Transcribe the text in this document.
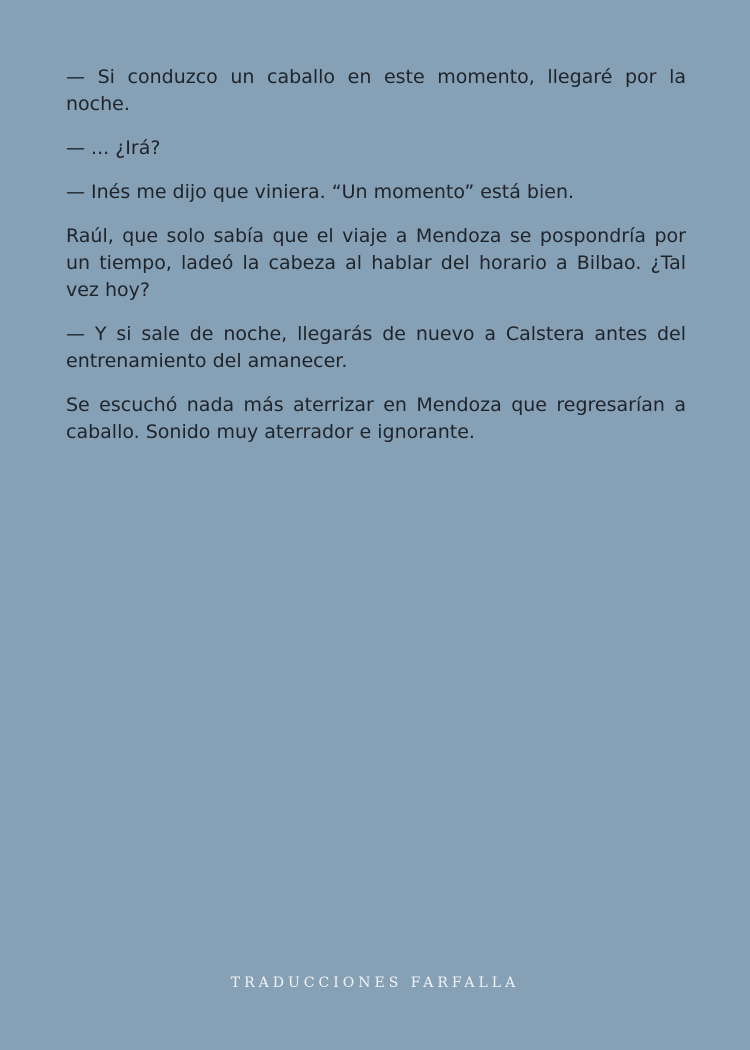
— Si conduzco un caballo en este momento, llegaré por la noche.

— ... ¿Irá?

— Inés me dijo que viniera. “Un momento” está bien.

Raúl, que solo sabía que el viaje a Mendoza se pospondría por un tiempo, ladeó la cabeza al hablar del horario a Bilbao. ¿Tal vez hoy?

— Y si sale de noche, llegarás de nuevo a Calstera antes del entrenamiento del amanecer.

Se escuchó nada más aterrizar en Mendoza que regresarían a caballo. Sonido muy aterrador e ignorante.

TRADUCCIONES FARFALLA
